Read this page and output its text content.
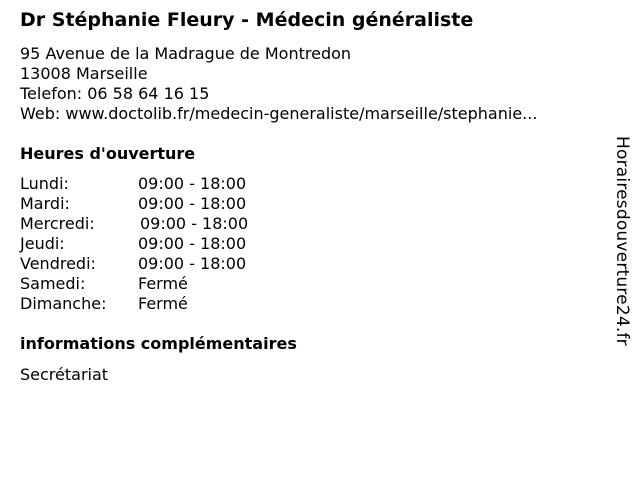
Dr Stéphanie Fleury - Médecin généraliste
95 Avenue de la Madrague de Montredon
13008 Marseille
Telefon: 06 58 64 16 15
Web: www.doctolib.fr/medecin-generaliste/marseille/stephanie...
Heures d'ouverture
Lundi:	09:00 - 18:00
Mardi:	09:00 - 18:00
Mercredi:	09:00 - 18:00
Jeudi:	09:00 - 18:00
Vendredi:	09:00 - 18:00
Samedi:	Fermé
Dimanche: Fermé
informations complémentaires
Secrétariat
Horairesdouverture24.fr
